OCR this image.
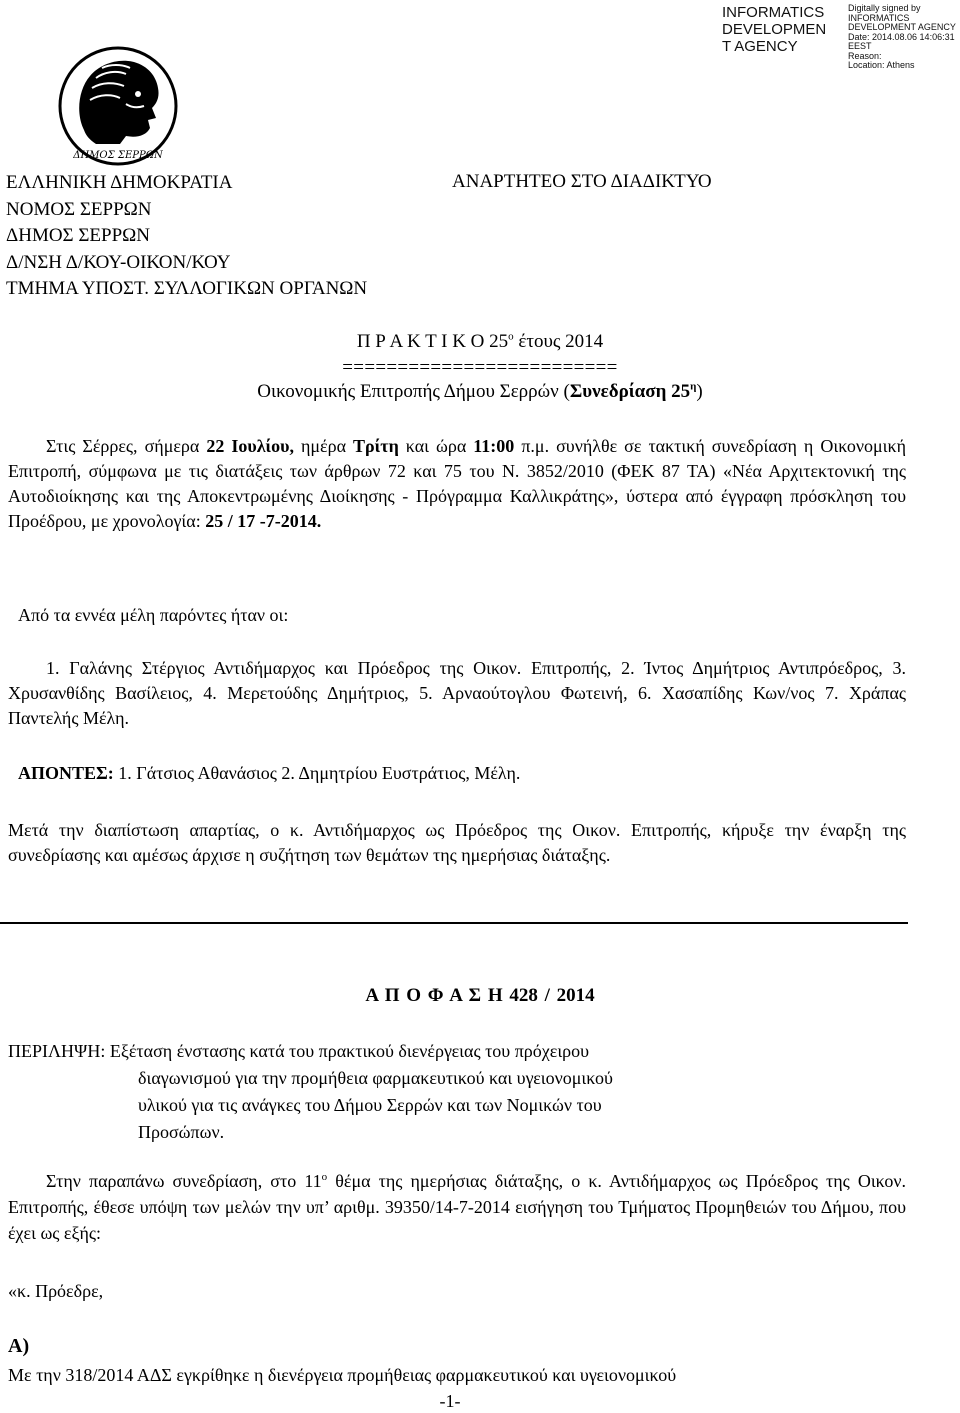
INFORMATICS
DEVELOPMEN
T AGENCY
Digitally signed by
INFORMATICS
DEVELOPMENT AGENCY
Date: 2014.08.06 14:06:31
EEST
Reason:
Location: Athens
ΔΗΜΟΣ ΣΕΡΡΩΝ
ΕΛΛΗΝΙΚΗ ΔΗΜΟΚΡΑΤΙΑ
ΝΟΜΟΣ ΣΕΡΡΩΝ
ΔΗΜΟΣ ΣΕΡΡΩΝ
Δ/ΝΣΗ Δ/ΚΟΥ-ΟΙΚΟΝ/ΚΟΥ
ΤΜΗΜΑ ΥΠΟΣΤ. ΣΥΛΛΟΓΙΚΩΝ ΟΡΓΑΝΩΝ
ΑΝΑΡΤΗΤΕΟ ΣΤΟ ΔΙΑΔΙΚΤΥΟ
Π Ρ Α Κ Τ Ι Κ Ο $25^o$ έτους 2014
=========================
Οικονομικής Επιτροπής Δήμου Σερρών (Συνεδρίαση $25^\eta$)
Στις Σέρρες, σήμερα 22 Ιουλίου, ημέρα Τρίτη και ώρα 11:00 π.μ. συνήλθε σε τακτική συνεδρίαση η Οικονομική Επιτροπή, σύμφωνα με τις διατάξεις των άρθρων 72 και 75 του Ν. 3852/2010 (ΦΕΚ 87 ΤΑ) «Νέα Αρχιτεκτονική της Αυτοδιοίκησης και της Αποκεντρωμένης Διοίκησης - Πρόγραμμα Καλλικράτης», ύστερα από έγγραφη πρόσκληση του Προέδρου, με χρονολογία: 25 / 17 -7-2014.
Από τα εννέα μέλη παρόντες ήταν οι:
1. Γαλάνης Στέργιος Αντιδήμαρχος και Πρόεδρος της Οικον. Επιτροπής, 2. Ίντος Δημήτριος Αντιπρόεδρος, 3. Χρυσανθίδης Βασίλειος, 4. Μερετούδης Δημήτριος, 5. Αρναούτογλου Φωτεινή, 6. Χασαπίδης Κων/νος 7. Χράπας Παντελής Μέλη.
ΑΠΟΝΤΕΣ: 1. Γάτσιος Αθανάσιος 2. Δημητρίου Ευστράτιος, Μέλη.
Μετά την διαπίστωση απαρτίας, ο κ. Αντιδήμαρχος ως Πρόεδρος της Οικον. Επιτροπής, κήρυξε την έναρξη της συνεδρίασης και αμέσως άρχισε η συζήτηση των θεμάτων της ημερήσιας διάταξης.
Α Π Ο Φ Α Σ Η 428 / 2014
ΠΕΡΙΛΗΨΗ: Εξέταση ένστασης κατά του πρακτικού διενέργειας του πρόχειρου
διαγωνισμού για την προμήθεια φαρμακευτικού και υγειονομικού
υλικού για τις ανάγκες του Δήμου Σερρών και των Νομικών του
Προσώπων.
Στην παραπάνω συνεδρίαση, στο $11^o$ θέμα της ημερήσιας διάταξης, ο κ. Αντιδήμαρχος ως Πρόεδρος της Οικον. Επιτροπής, έθεσε υπόψη των μελών την υπ’ αριθμ. 39350/14-7-2014 εισήγηση του Τμήματος Προμηθειών του Δήμου, που έχει ως εξής:
«κ. Πρόεδρε,
Α)
Με την 318/2014 ΑΔΣ εγκρίθηκε η διενέργεια προμήθειας φαρμακευτικού και υγειονομικού
-1-
